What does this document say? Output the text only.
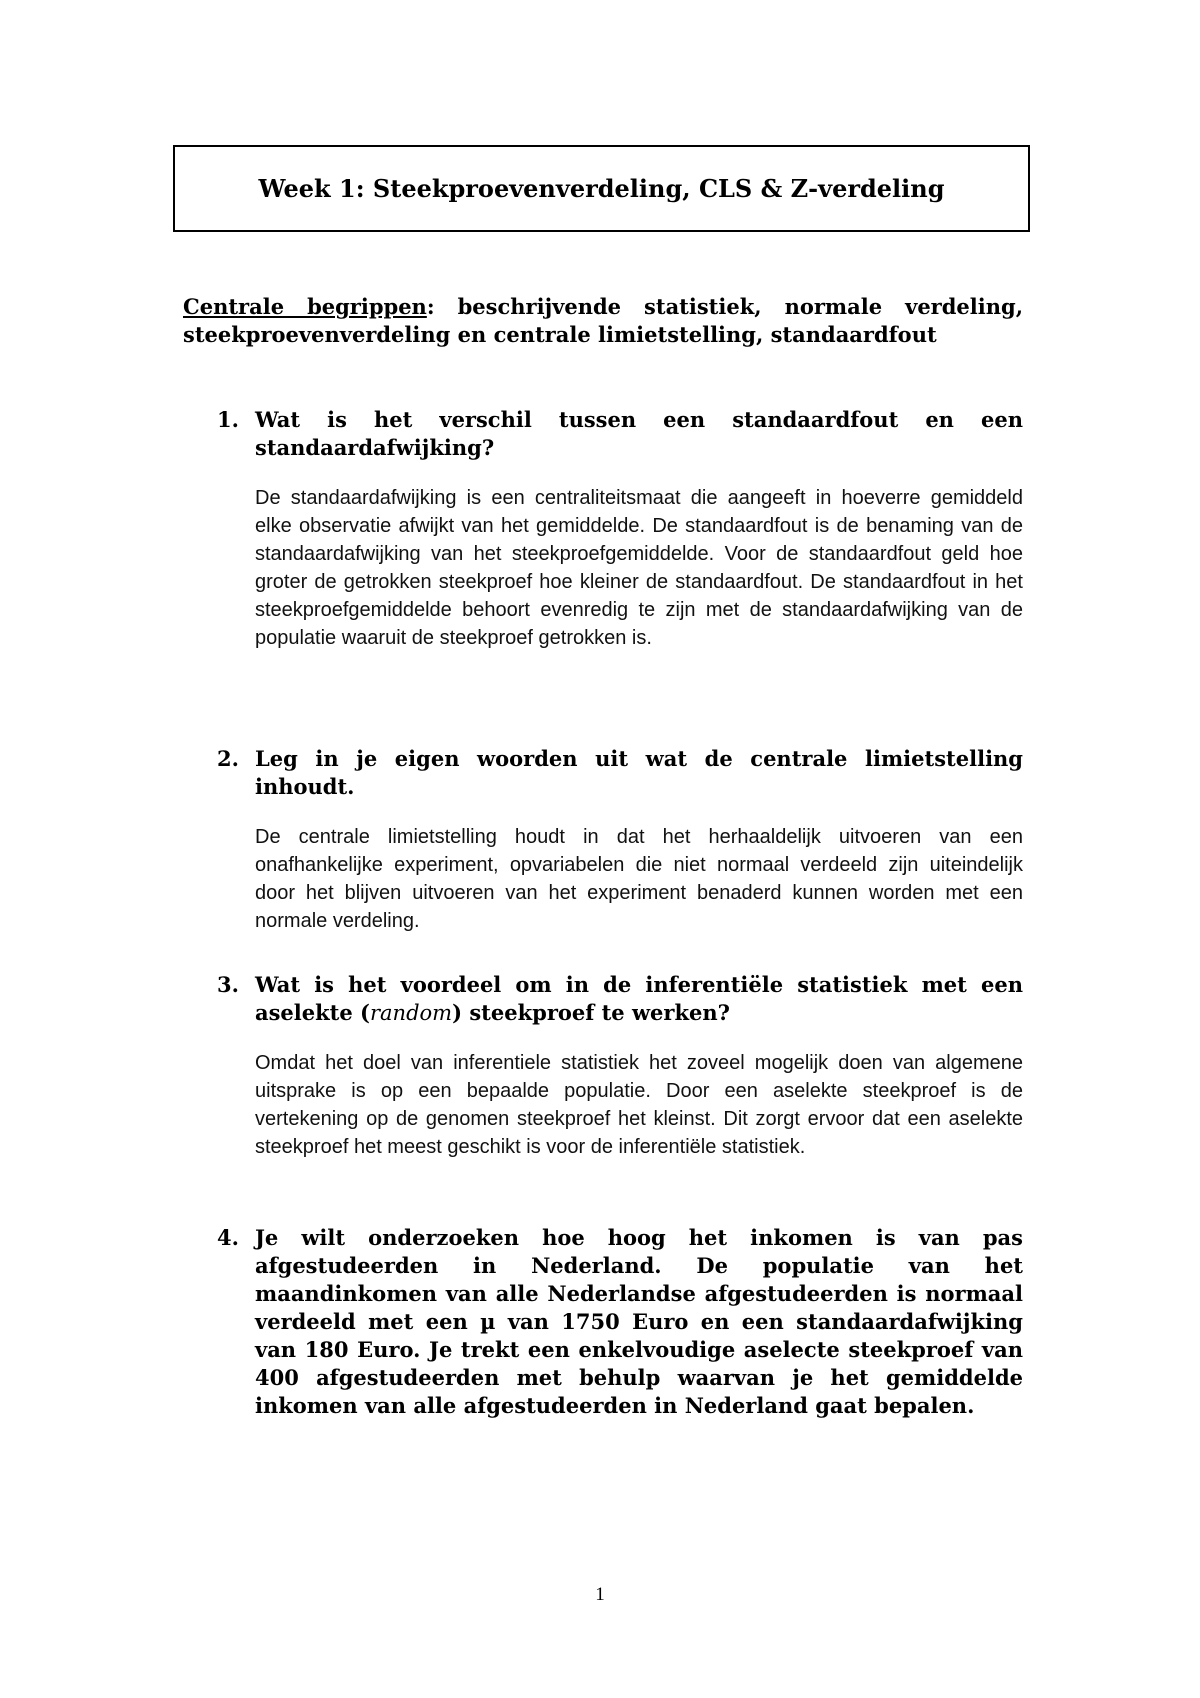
Week 1: Steekproevenverdeling, CLS & Z-verdeling
Centrale begrippen: beschrijvende statistiek, normale verdeling, steekproevenverdeling en centrale limietstelling, standaardfout
1. Wat is het verschil tussen een standaardfout en een standaardafwijking?
De standaardafwijking is een centraliteitsmaat die aangeeft in hoeverre gemiddeld elke observatie afwijkt van het gemiddelde. De standaardfout is de benaming van de standaardafwijking van het steekproefgemiddelde. Voor de standaardfout geld hoe groter de getrokken steekproef hoe kleiner de standaardfout. De standaardfout in het steekproefgemiddelde behoort evenredig te zijn met de standaardafwijking van de populatie waaruit de steekproef getrokken is.
2. Leg in je eigen woorden uit wat de centrale limietstelling inhoudt.
De centrale limietstelling houdt in dat het herhaaldelijk uitvoeren van een onafhankelijke experiment, opvariabelen die niet normaal verdeeld zijn uiteindelijk door het blijven uitvoeren van het experiment benaderd kunnen worden met een normale verdeling.
3. Wat is het voordeel om in de inferentiële statistiek met een aselekte (random) steekproef te werken?
Omdat het doel van inferentiele statistiek het zoveel mogelijk doen van algemene uitsprake is op een bepaalde populatie. Door een aselekte steekproef is de vertekening op de genomen steekproef het kleinst. Dit zorgt ervoor dat een aselekte steekproef het meest geschikt is voor de inferentiële statistiek.
4. Je wilt onderzoeken hoe hoog het inkomen is van pas afgestudeerden in Nederland. De populatie van het maandinkomen van alle Nederlandse afgestudeerden is normaal verdeeld met een µ van 1750 Euro en een standaardafwijking van 180 Euro. Je trekt een enkelvoudige aselecte steekproef van 400 afgestudeerden met behulp waarvan je het gemiddelde inkomen van alle afgestudeerden in Nederland gaat bepalen.
1
